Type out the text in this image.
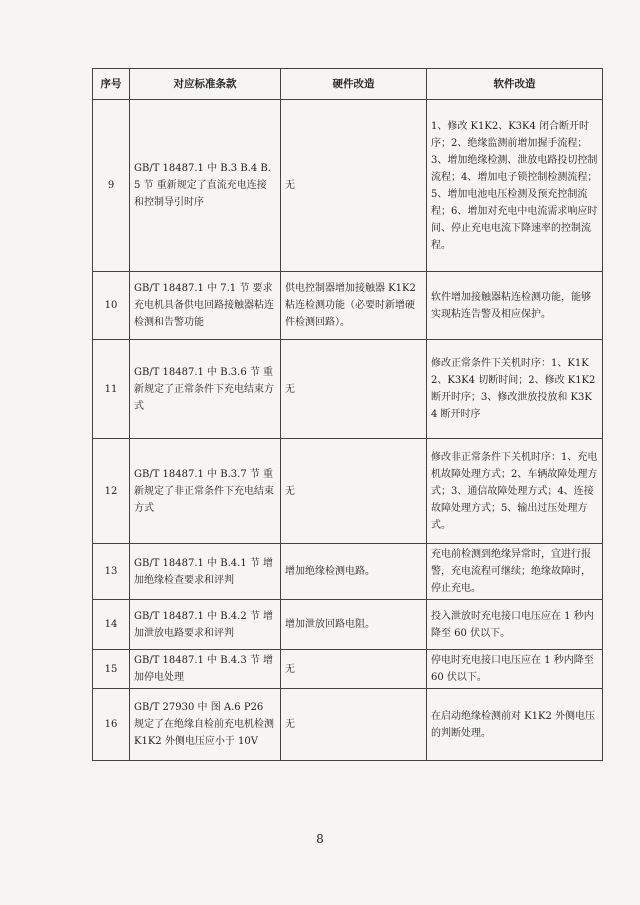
序号	对应标准条款	硬件改造	软件改造
9	GB/T 18487.1 中 B.3 B.4 B.5 节 重新规定了直流充电连接和控制导引时序	无	1、修改 K1K2、K3K4 闭合断开时序；2、绝缘监测前增加握手流程；3、增加绝缘检测、泄放电路投切控制流程；4、增加电子锁控制检测流程；5、增加电池电压检测及预充控制流程；6、增加对充电中电流需求响应时间、停止充电电流下降速率的控制流程。
10	GB/T 18487.1 中 7.1 节 要求充电机具备供电回路接触器粘连检测和告警功能	供电控制器增加接触器 K1K2 粘连检测功能（必要时新增硬件检测回路）。	软件增加接触器粘连检测功能，能够实现粘连告警及相应保护。
11	GB/T 18487.1 中 B.3.6 节 重新规定了正常条件下充电结束方式	无	修改正常条件下关机时序：1、K1K2、K3K4 切断时间；2、修改 K1K2 断开时序；3、修改泄放投放和 K3K4 断开时序
12	GB/T 18487.1 中 B.3.7 节 重新规定了非正常条件下充电结束方式	无	修改非正常条件下关机时序：1、充电机故障处理方式；2、车辆故障处理方式；3、通信故障处理方式；4、连接故障处理方式；5、输出过压处理方式。
13	GB/T 18487.1 中 B.4.1 节 增加绝缘检查要求和评判	增加绝缘检测电路。	充电前检测到绝缘异常时，宜进行报警，充电流程可继续；绝缘故障时，停止充电。
14	GB/T 18487.1 中 B.4.2 节 增加泄放电路要求和评判	增加泄放回路电阻。	投入泄放时充电接口电压应在 1 秒内降至 60 伏以下。
15	GB/T 18487.1 中 B.4.3 节 增加停电处理	无	停电时充电接口电压应在 1 秒内降至 60 伏以下。
16	GB/T 27930 中 图 A.6 P26 规定了在绝缘自检前充电机检测 K1K2 外侧电压应小于 10V	无	在启动绝缘检测前对 K1K2 外侧电压的判断处理。
8
